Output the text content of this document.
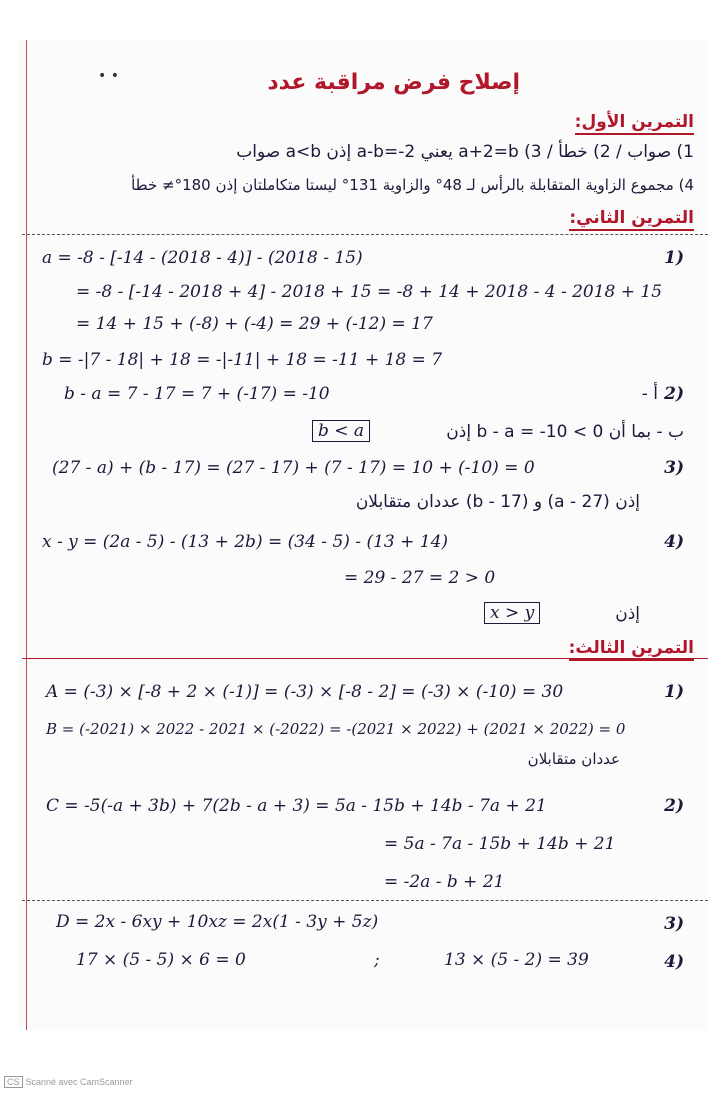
• •	إصلاح فرض مراقبة عدد
التمرين الأول:
1) صواب / 2) خطأ / 3) a+2=b يعني a-b=-2 إذن a<b صواب
4) مجموع الزاوية المتقابلة بالرأس لـ 48° والزاوية 131° ليستا متكاملتان إذن 180°≠ خطأ
التمرين الثاني:
1)
a = -8 - [-14 - (2018 - 4)] - (2018 - 15)
= -8 - [-14 - 2018 + 4] - 2018 + 15 = -8 + 14 + 2018 - 4 - 2018 + 15
= 14 + 15 + (-8) + (-4) = 29 + (-12) = 17
b = -|7 - 18| + 18 = -|-11| + 18 = -11 + 18 = 7
2)
أ -
b - a = 7 - 17 = 7 + (-17) = -10
ب - بما أن b - a = -10 < 0 إذن
b < a
3)
(27 - a) + (b - 17) = (27 - 17) + (7 - 17) = 10 + (-10) = 0
إذن (27 - a) و (b - 17) عددان متقابلان
4)
x - y = (2a - 5) - (13 + 2b) = (34 - 5) - (13 + 14)
= 29 - 27 = 2 > 0
إذن
x > y
التمرين الثالث:
1)
A = (-3) × [-8 + 2 × (-1)] = (-3) × [-8 - 2] = (-3) × (-10) = 30
B = (-2021) × 2022 - 2021 × (-2022) = -(2021 × 2022) + (2021 × 2022) = 0
عددان متقابلان
2)
C = -5(-a + 3b) + 7(2b - a + 3) = 5a - 15b + 14b - 7a + 21
= 5a - 7a - 15b + 14b + 21
= -2a - b + 21
3)
D = 2x - 6xy + 10xz = 2x(1 - 3y + 5z)
4)
17 × (5 - 5) × 6 = 0	;	13 × (5 - 2) = 39
CS Scanné avec CamScanner
